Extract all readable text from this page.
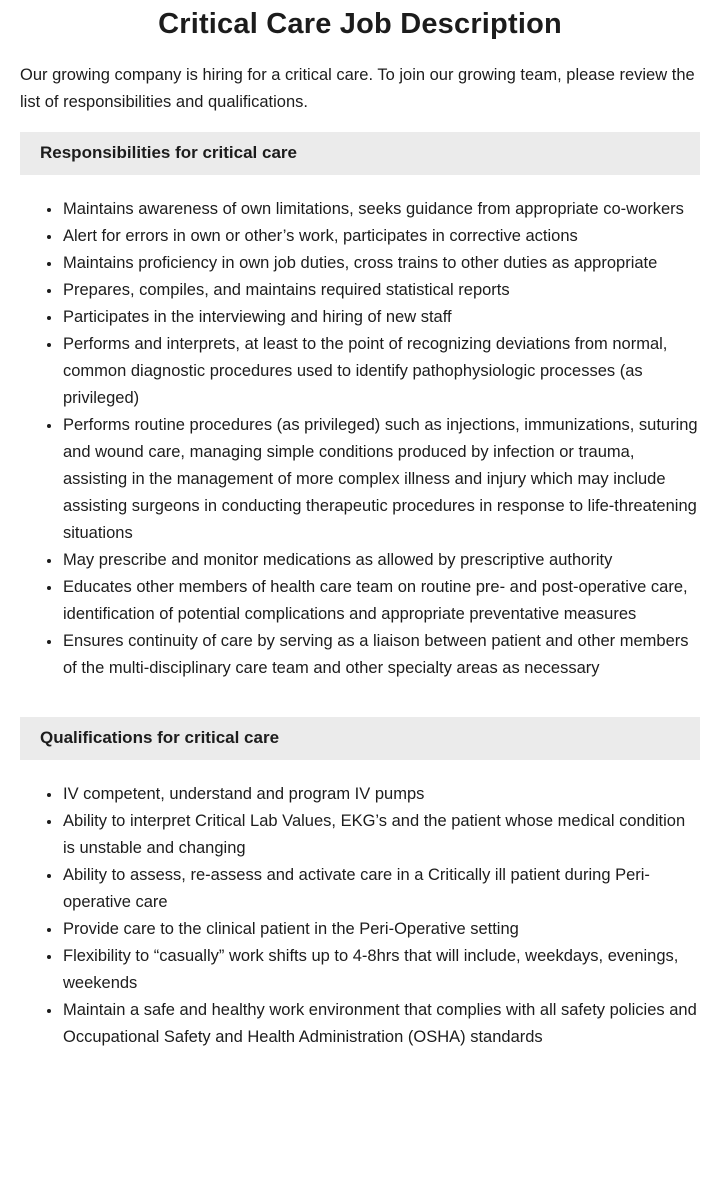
Critical Care Job Description

Our growing company is hiring for a critical care. To join our growing team, please review the list of responsibilities and qualifications.

Responsibilities for critical care
• Maintains awareness of own limitations, seeks guidance from appropriate co-workers
• Alert for errors in own or other’s work, participates in corrective actions
• Maintains proficiency in own job duties, cross trains to other duties as appropriate
• Prepares, compiles, and maintains required statistical reports
• Participates in the interviewing and hiring of new staff
• Performs and interprets, at least to the point of recognizing deviations from normal, common diagnostic procedures used to identify pathophysiologic processes (as privileged)
• Performs routine procedures (as privileged) such as injections, immunizations, suturing and wound care, managing simple conditions produced by infection or trauma, assisting in the management of more complex illness and injury which may include assisting surgeons in conducting therapeutic procedures in response to life-threatening situations
• May prescribe and monitor medications as allowed by prescriptive authority
• Educates other members of health care team on routine pre- and post-operative care, identification of potential complications and appropriate preventative measures
• Ensures continuity of care by serving as a liaison between patient and other members of the multi-disciplinary care team and other specialty areas as necessary
Qualifications for critical care
• IV competent, understand and program IV pumps
• Ability to interpret Critical Lab Values, EKG’s and the patient whose medical condition is unstable and changing
• Ability to assess, re-assess and activate care in a Critically ill patient during Peri-operative care
• Provide care to the clinical patient in the Peri-Operative setting
• Flexibility to “casually” work shifts up to 4-8hrs that will include, weekdays, evenings, weekends
• Maintain a safe and healthy work environment that complies with all safety policies and Occupational Safety and Health Administration (OSHA) standards
